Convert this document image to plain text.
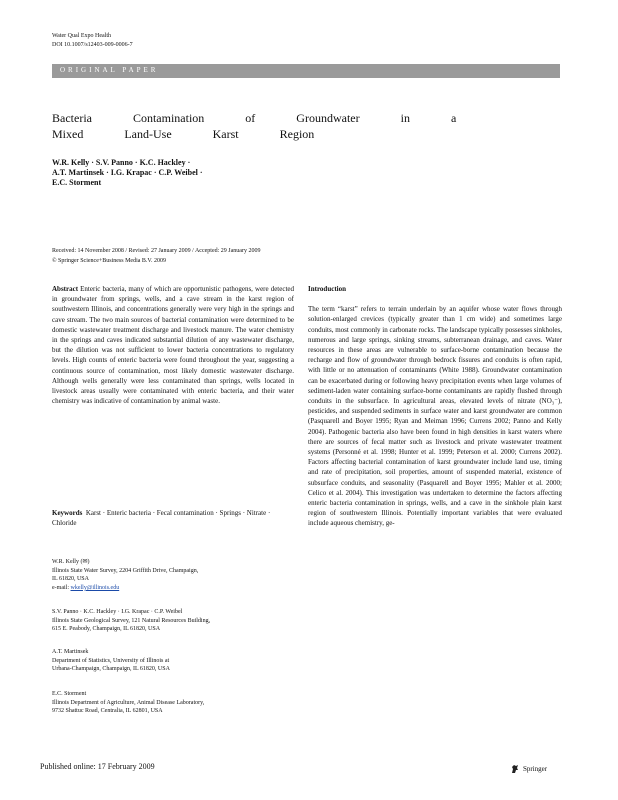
Water Qual Expo Health
DOI 10.1007/s12403-009-0006-7
ORIGINAL PAPER
Bacteria Contamination of Groundwater in a Mixed Land-Use Karst Region
W.R. Kelly · S.V. Panno · K.C. Hackley ·
A.T. Martinsek · I.G. Krapac · C.P. Weibel ·
E.C. Storment
Received: 14 November 2008 / Revised: 27 January 2009 / Accepted: 29 January 2009
© Springer Science+Business Media B.V. 2009
Abstract Enteric bacteria, many of which are opportunistic pathogens, were detected in groundwater from springs, wells, and a cave stream in the karst region of southwestern Illinois, and concentrations generally were very high in the springs and cave stream. The two main sources of bacterial contamination were determined to be domestic wastewater treatment discharge and livestock manure. The water chemistry in the springs and caves indicated substantial dilution of any wastewater discharge, but the dilution was not sufficient to lower bacteria concentrations to regulatory levels. High counts of enteric bacteria were found throughout the year, suggesting a continuous source of contamination, most likely domestic wastewater discharge. Although wells generally were less contaminated than springs, wells located in livestock areas usually were contaminated with enteric bacteria, and their water chemistry was indicative of contamination by animal waste.
Keywords Karst · Enteric bacteria · Fecal contamination · Springs · Nitrate · Chloride
W.R. Kelly (✉)
Illinois State Water Survey, 2204 Griffith Drive, Champaign,
IL 61820, USA
e-mail: wkelly@illinois.edu
S.V. Panno · K.C. Hackley · I.G. Krapac · C.P. Weibel
Illinois State Geological Survey, 121 Natural Resources Building,
615 E. Peabody, Champaign, IL 61820, USA
A.T. Martinsek
Department of Statistics, University of Illinois at
Urbana-Champaign, Champaign, IL 61820, USA
E.C. Storment
Illinois Department of Agriculture, Animal Disease Laboratory,
9732 Shattuc Road, Centralia, IL 62801, USA
Introduction
The term “karst” refers to terrain underlain by an aquifer whose water flows through solution-enlarged crevices (typically greater than 1 cm wide) and sometimes large conduits, most commonly in carbonate rocks. The landscape typically possesses sinkholes, numerous and large springs, sinking streams, subterranean drainage, and caves. Water resources in these areas are vulnerable to surface-borne contamination because the recharge and flow of groundwater through bedrock fissures and conduits is often rapid, with little or no attenuation of contaminants (White 1988). Groundwater contamination can be exacerbated during or following heavy precipitation events when large volumes of sediment-laden water containing surface-borne contaminants are rapidly flushed through conduits in the subsurface. In agricultural areas, elevated levels of nitrate (NO₃⁻), pesticides, and suspended sediments in surface water and karst groundwater are common (Pasquarell and Boyer 1995; Ryan and Meiman 1996; Currens 2002; Panno and Kelly 2004). Pathogenic bacteria also have been found in high densities in karst waters where there are sources of fecal matter such as livestock and private wastewater treatment systems (Personné et al. 1998; Hunter et al. 1999; Peterson et al. 2000; Currens 2002). Factors affecting bacterial contamination of karst groundwater include land use, timing and rate of precipitation, soil properties, amount of suspended material, existence of subsurface conduits, and seasonality (Pasquarell and Boyer 1995; Mahler et al. 2000; Celico et al. 2004). This investigation was undertaken to determine the factors affecting enteric bacteria contamination in springs, wells, and a cave in the sinkhole plain karst region of southwestern Illinois. Potentially important variables that were evaluated include aqueous chemistry, ge-
Published online: 17 February 2009	Springer
